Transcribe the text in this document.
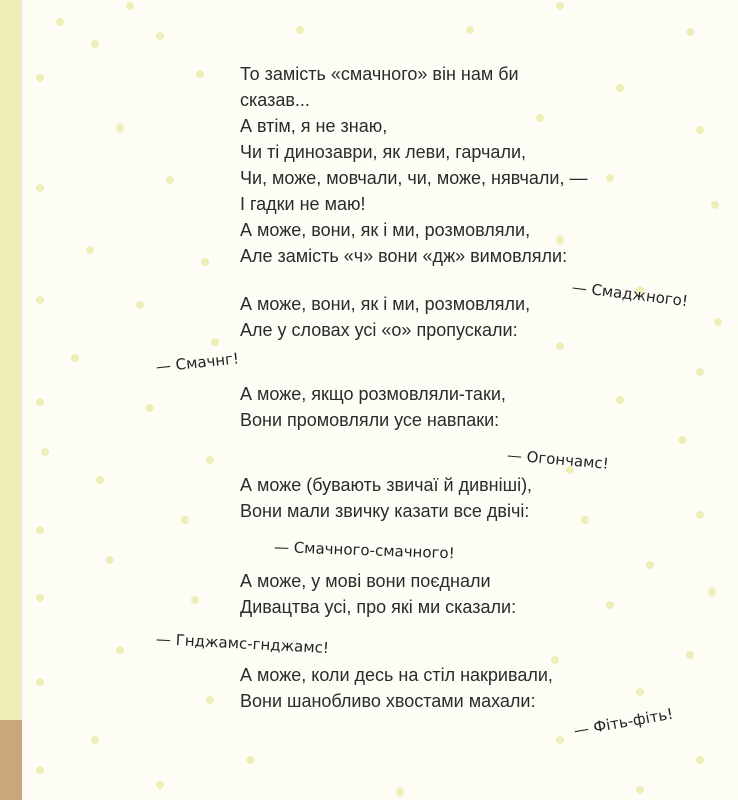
То замість «смачного» він нам би

сказав...

А втім, я не знаю,

Чи ті динозаври, як леви, гарчали,

Чи, може, мовчали, чи, може, нявчали, —

І гадки не маю!

А може, вони, як і ми, розмовляли,

Але замість «ч» вони «дж» вимовляли:

— Смаджного!

А може, вони, як і ми, розмовляли,

Але у словах усі «о» пропускали:

— Смачнг!

А може, якщо розмовляли-таки,

Вони промовляли усе навпаки:

— Огончамс!

А може (бувають звичаї й дивніші),

Вони мали звичку казати все двічі:

— Смачного-смачного!

А може, у мові вони поєднали

Дивацтва усі, про які ми сказали:

— Гнджамс-гнджамс!

А може, коли десь на стіл накривали,

Вони шанобливо хвостами махали:

— Фіть-фіть!
